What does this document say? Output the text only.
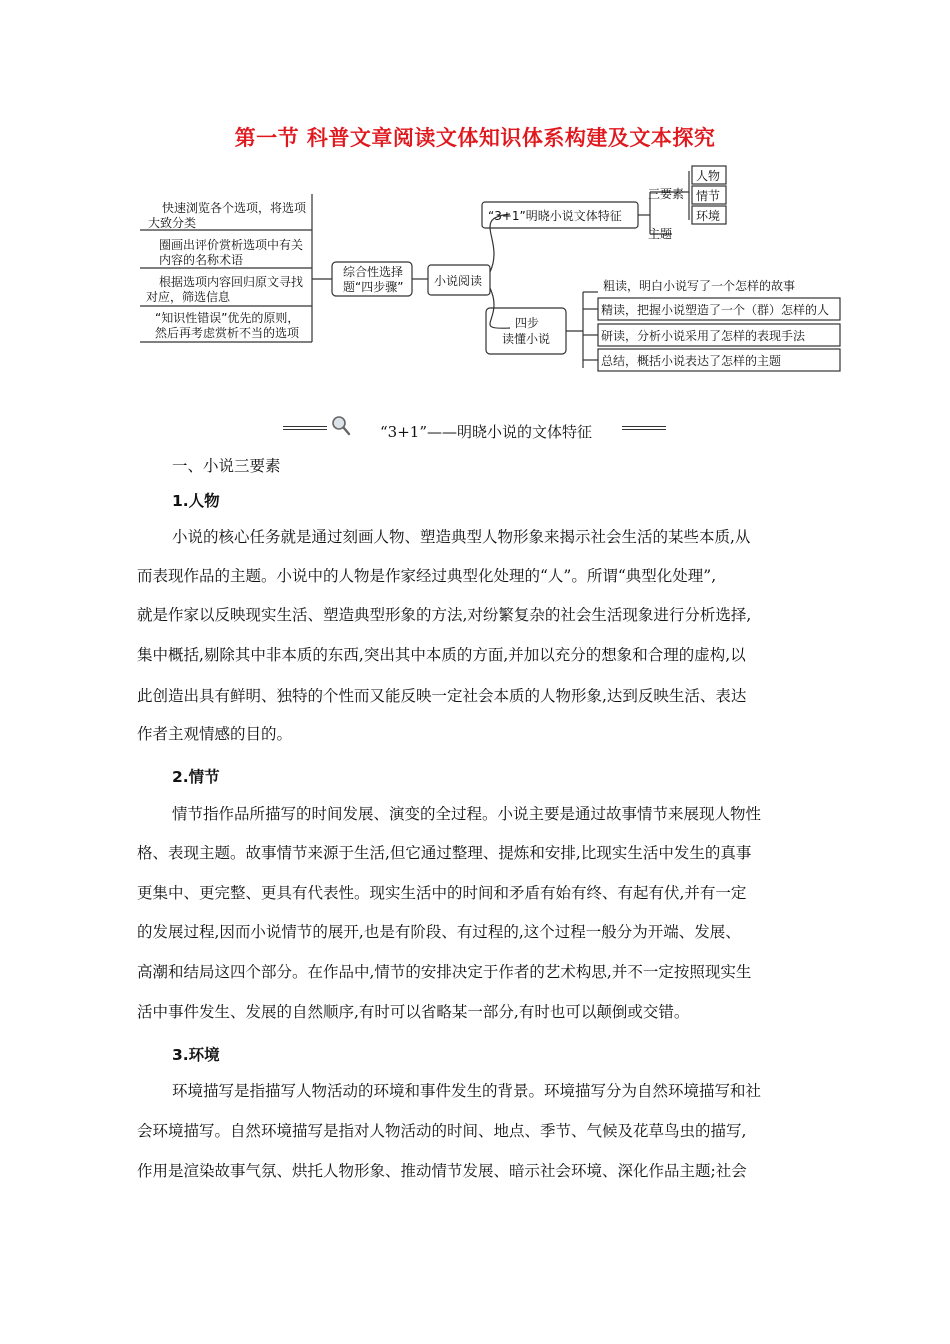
第一节 科普文章阅读文体知识体系构建及文本探究
快速浏览各个选项，将选项
大致分类
圈画出评价赏析选项中有关
内容的名称术语
根据选项内容回归原文寻找
对应，筛选信息
“知识性错误”优先的原则，
然后再考虑赏析不当的选项
综合性选择
题“四步骤”	小说阅读
“3+1”明晓小说文体特征
三要素
人物
情节
环境
主题
四步
读懂小说
粗读，明白小说写了一个怎样的故事
精读，把握小说塑造了一个（群）怎样的人
研读，分析小说采用了怎样的表现手法
总结，概括小说表达了怎样的主题
“3+1”——明晓小说的文体特征
一、小说三要素
1.人物
小说的核心任务就是通过刻画人物、塑造典型人物形象来揭示社会生活的某些本质,从
而表现作品的主题。小说中的人物是作家经过典型化处理的“人”。所谓“典型化处理”,
就是作家以反映现实生活、塑造典型形象的方法,对纷繁复杂的社会生活现象进行分析选择,
集中概括,剔除其中非本质的东西,突出其中本质的方面,并加以充分的想象和合理的虚构,以
此创造出具有鲜明、独特的个性而又能反映一定社会本质的人物形象,达到反映生活、表达
作者主观情感的目的。
2.情节
情节指作品所描写的时间发展、演变的全过程。小说主要是通过故事情节来展现人物性
格、表现主题。故事情节来源于生活,但它通过整理、提炼和安排,比现实生活中发生的真事
更集中、更完整、更具有代表性。现实生活中的时间和矛盾有始有终、有起有伏,并有一定
的发展过程,因而小说情节的展开,也是有阶段、有过程的,这个过程一般分为开端、发展、
高潮和结局这四个部分。在作品中,情节的安排决定于作者的艺术构思,并不一定按照现实生
活中事件发生、发展的自然顺序,有时可以省略某一部分,有时也可以颠倒或交错。
3.环境
环境描写是指描写人物活动的环境和事件发生的背景。环境描写分为自然环境描写和社
会环境描写。自然环境描写是指对人物活动的时间、地点、季节、气候及花草鸟虫的描写,
作用是渲染故事气氛、烘托人物形象、推动情节发展、暗示社会环境、深化作品主题;社会
